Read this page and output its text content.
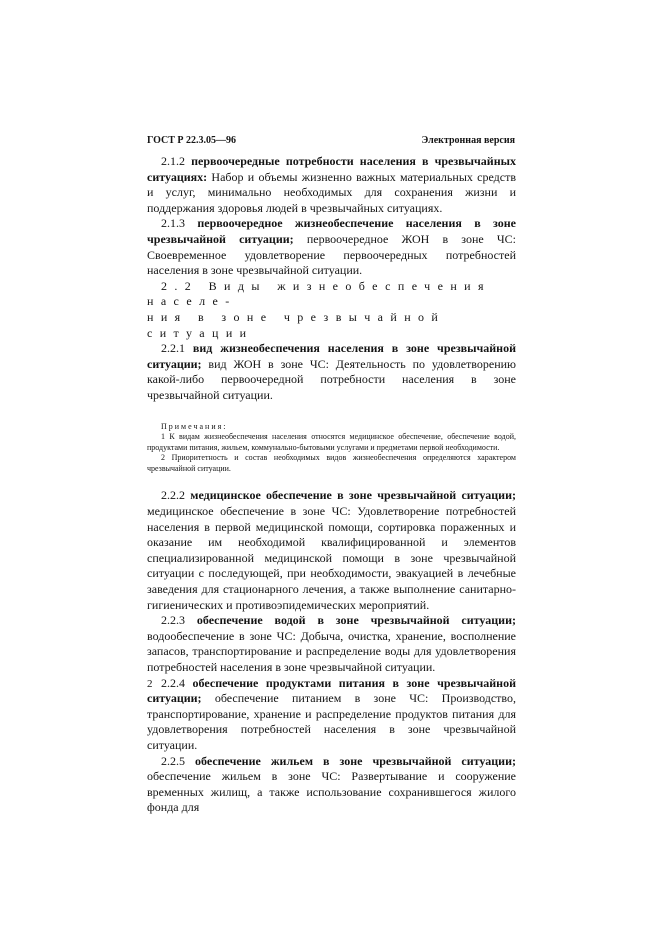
ГОСТ Р 22.3.05—96	Электронная версия

2.1.2 первоочередные потребности населения в чрезвычайных ситуациях: Набор и объемы жизненно важных материальных средств и услуг, минимально необходимых для сохранения жизни и поддержания здоровья людей в чрезвычайных ситуациях.

2.1.3 первоочередное жизнеобеспечение населения в зоне чрезвычайной ситуации; первоочередное ЖОН в зоне ЧС: Своевременное удовлетворение первоочередных потребностей населения в зоне чрезвычайной ситуации.

2.2 Виды жизнеобеспечения населе-

ния в зоне чрезвычайной ситуации

2.2.1 вид жизнеобеспечения населения в зоне чрезвычайной ситуации; вид ЖОН в зоне ЧС: Деятельность по удовлетворению какой-либо первоочередной потребности населения в зоне чрезвычайной ситуации.

Примечания:

1 К видам жизнеобеспечения населения относятся медицинское обеспечение, обеспечение водой, продуктами питания, жильем, коммунально-бытовыми услугами и предметами первой необходимости.

2 Приоритетность и состав необходимых видов жизнеобеспечения определяются характером чрезвычайной ситуации.

2.2.2 медицинское обеспечение в зоне чрезвычайной ситуации; медицинское обеспечение в зоне ЧС: Удовлетворение потребностей населения в первой медицинской помощи, сортировка пораженных и оказание им необходимой квалифицированной и элементов специализированной медицинской помощи в зоне чрезвычайной ситуации с последующей, при необходимости, эвакуацией в лечебные заведения для стационарного лечения, а также выполнение санитарно-гигиенических и противоэпидемических мероприятий.

2.2.3 обеспечение водой в зоне чрезвычайной ситуации; водообеспечение в зоне ЧС: Добыча, очистка, хранение, восполнение запасов, транспортирование и распределение воды для удовлетворения потребностей населения в зоне чрезвычайной ситуации.

2.2.4 обеспечение продуктами питания в зоне чрезвычайной ситуации; обеспечение питанием в зоне ЧС: Производство, транспортирование, хранение и распределение продуктов питания для удовлетворения потребностей населения в зоне чрезвычайной ситуации.

2.2.5 обеспечение жильем в зоне чрезвычайной ситуации; обеспечение жильем в зоне ЧС: Развертывание и сооружение временных жилищ, а также использование сохранившегося жилого фонда для

2
